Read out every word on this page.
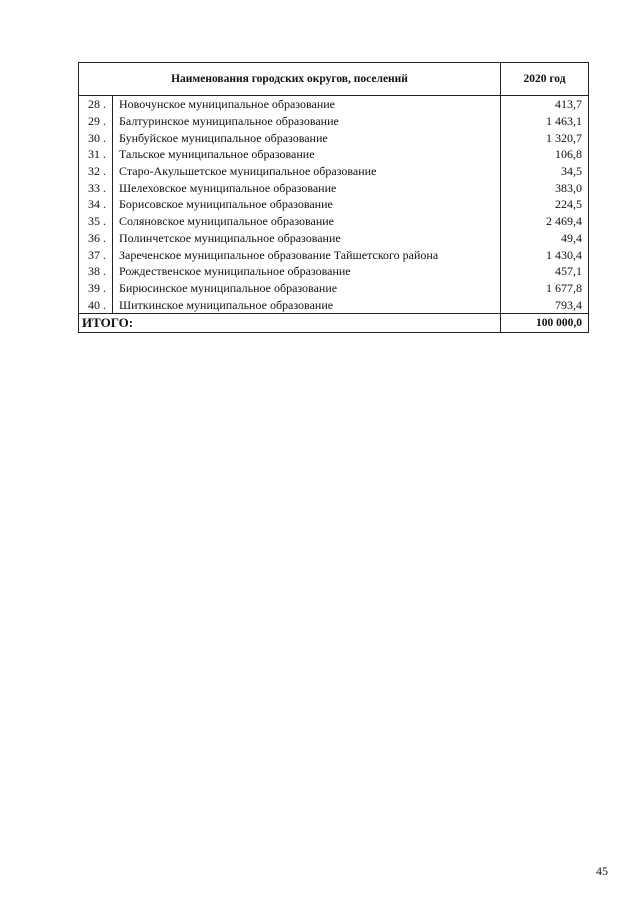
Наименования городских округов, поселений		2020 год
28 .	Новочунское муниципальное образование	413,7
29 .	Балтуринское муниципальное образование	1 463,1
30 .	Бунбуйское муниципальное образование	1 320,7
31 .	Тальское муниципальное образование	106,8
32 .	Старо-Акульшетское муниципальное образование	34,5
33 .	Шелеховское муниципальное образование	383,0
34 .	Борисовское муниципальное образование	224,5
35 .	Соляновское муниципальное образование	2 469,4
36 .	Полинчетское муниципальное образование	49,4
37 .	Зареченское муниципальное образование Тайшетского района	1 430,4
38 .	Рождественское муниципальное образование	457,1
39 .	Бирюсинское муниципальное образование	1 677,8
40 .	Шиткинское муниципальное образование	793,4
ИТОГО:		100 000,0
45
